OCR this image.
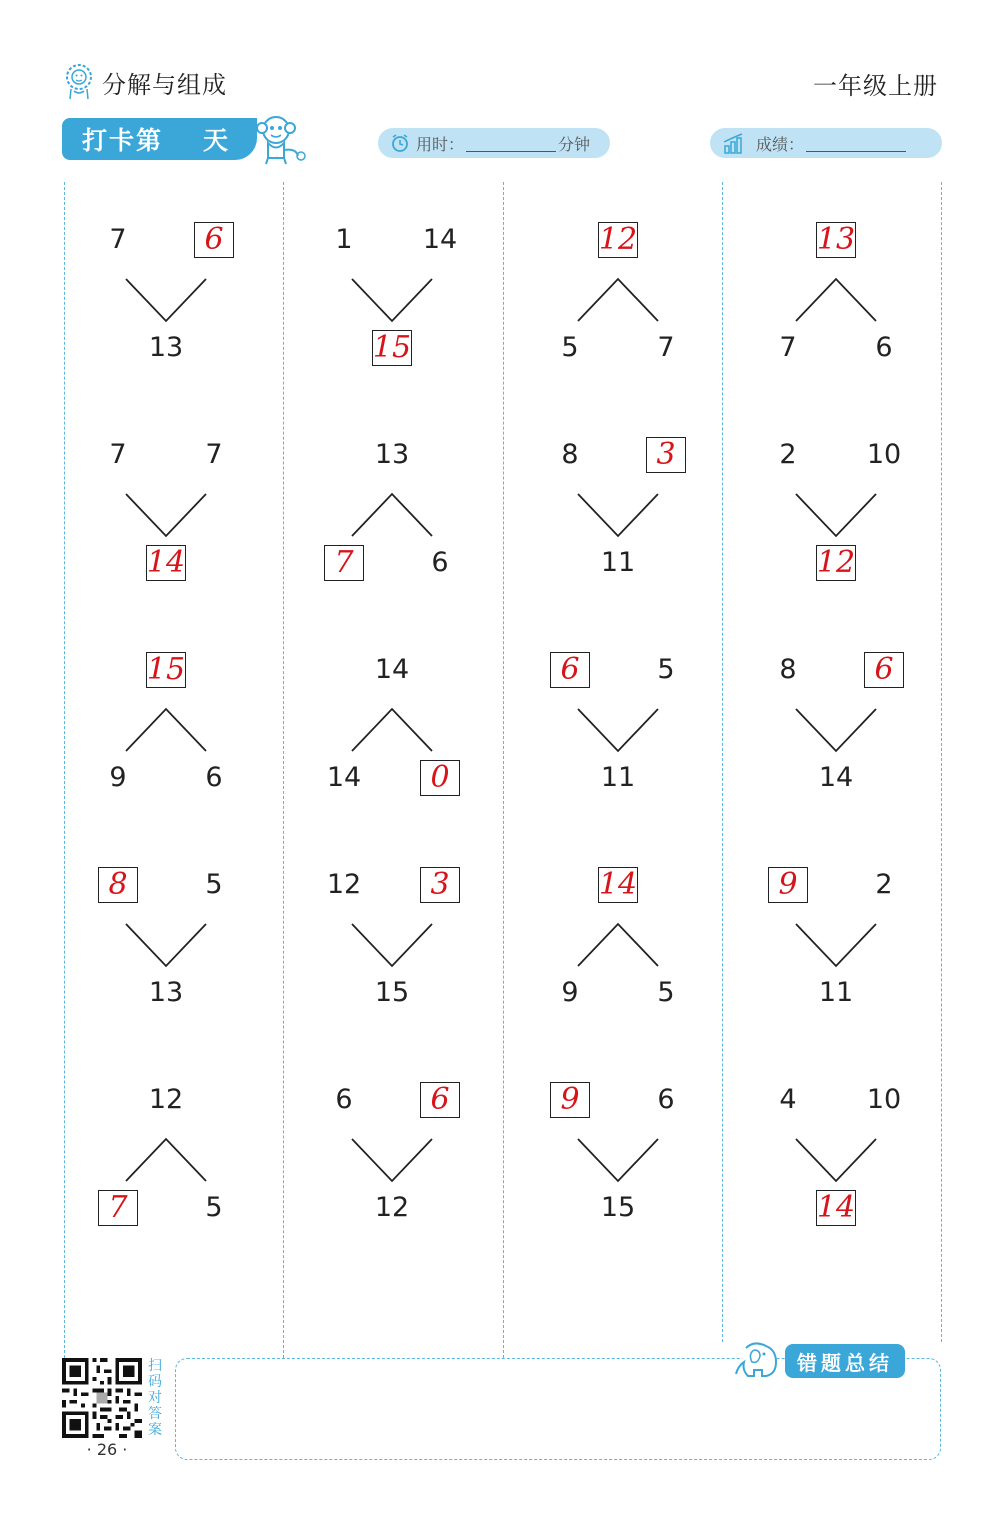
分解与组成	一年级上册
打卡第 天	用时：	分钟	成绩：
7	6
13
1	14
15
12
5	7
13
7	6
7	7
14
13
7	6
8	3
11
2	10
12
15
9	6
14
14	0
6	5
11
8	6
14
8	5
13
12	3
15
14
9	5
9	2
11
12
7	5
6	6
12
9	6
15
4	10
14
错题总结
扫码对答案
· 26 ·
